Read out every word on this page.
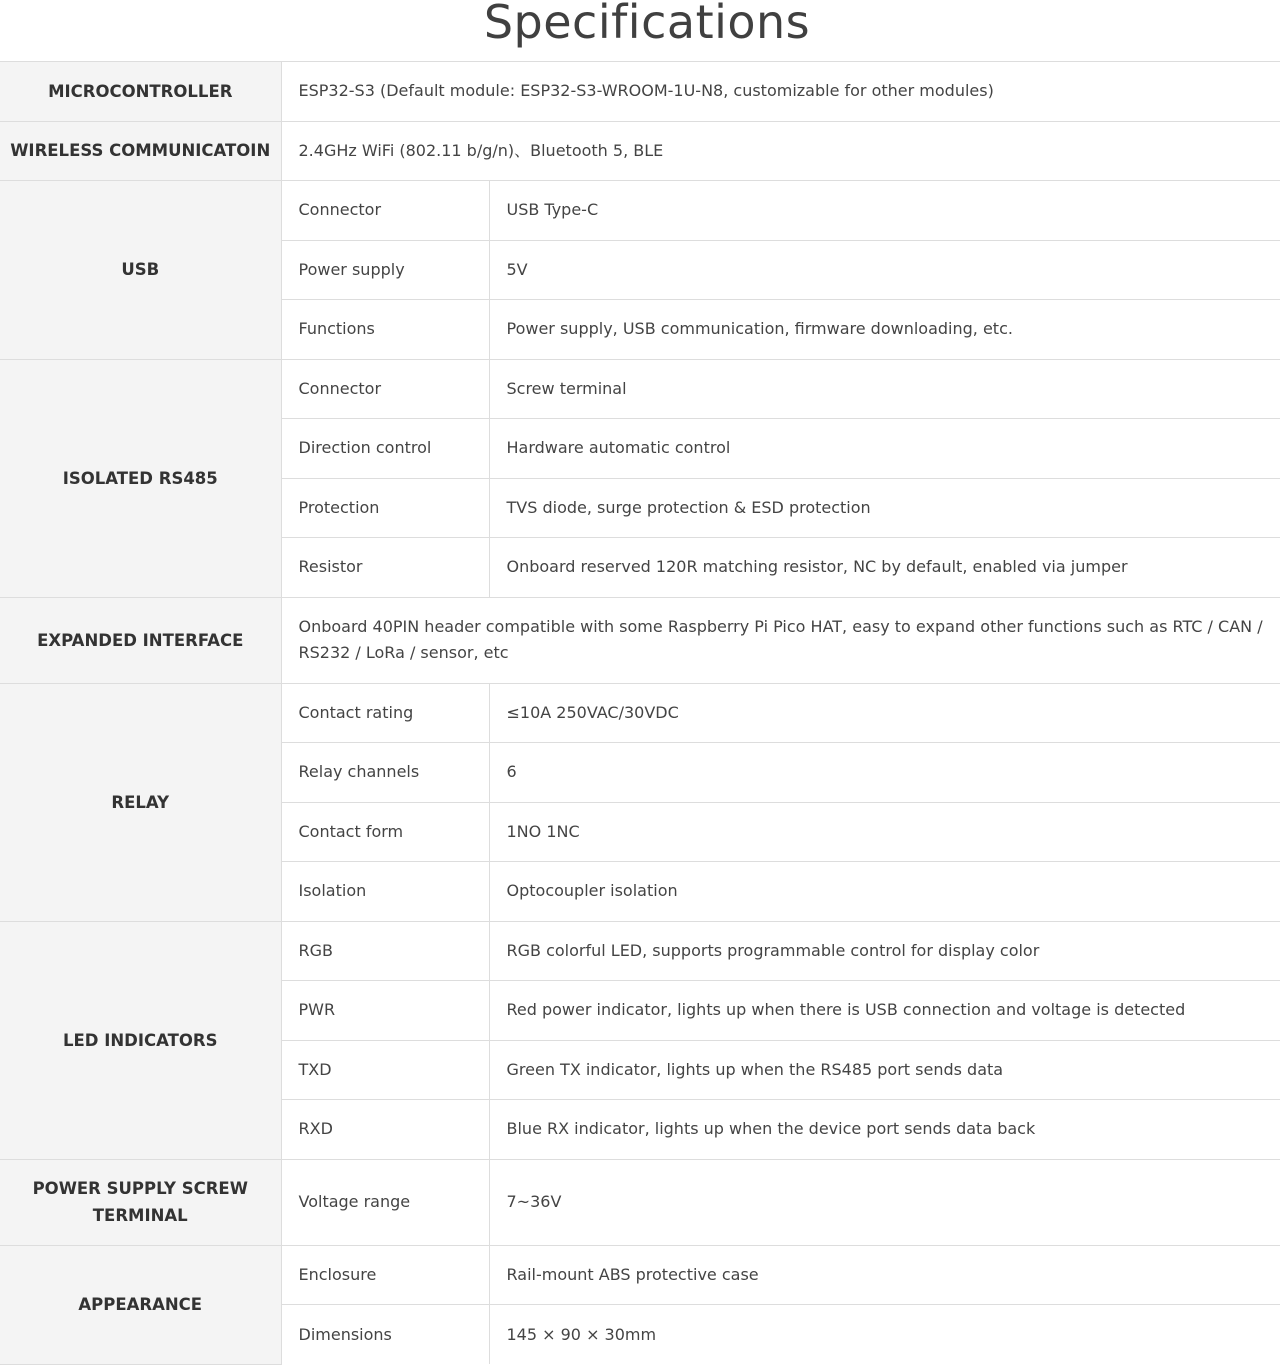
Specifications
MICROCONTROLLER	ESP32-S3 (Default module: ESP32-S3-WROOM-1U-N8, customizable for other modules)	
WIRELESS COMMUNICATOIN	2.4GHz WiFi (802.11 b/g/n)、Bluetooth 5, BLE	
USB	Connector	USB Type-C
	Power supply	5V
	Functions	Power supply, USB communication, firmware downloading, etc.
ISOLATED RS485	Connector	Screw terminal
	Direction control	Hardware automatic control
	Protection	TVS diode, surge protection & ESD protection
	Resistor	Onboard reserved 120R matching resistor, NC by default, enabled via jumper
EXPANDED INTERFACE	Onboard 40PIN header compatible with some Raspberry Pi Pico HAT, easy to expand other functions such as RTC / CAN / RS232 / LoRa / sensor, etc	
RELAY	Contact rating	≤10A 250VAC/30VDC
	Relay channels	6
	Contact form	1NO 1NC
	Isolation	Optocoupler isolation
LED INDICATORS	RGB	RGB colorful LED, supports programmable control for display color
	PWR	Red power indicator, lights up when there is USB connection and voltage is detected
	TXD	Green TX indicator, lights up when the RS485 port sends data
	RXD	Blue RX indicator, lights up when the device port sends data back
POWER SUPPLY SCREW TERMINAL	Voltage range	7~36V
APPEARANCE	Enclosure	Rail-mount ABS protective case
	Dimensions	145 × 90 × 30mm
